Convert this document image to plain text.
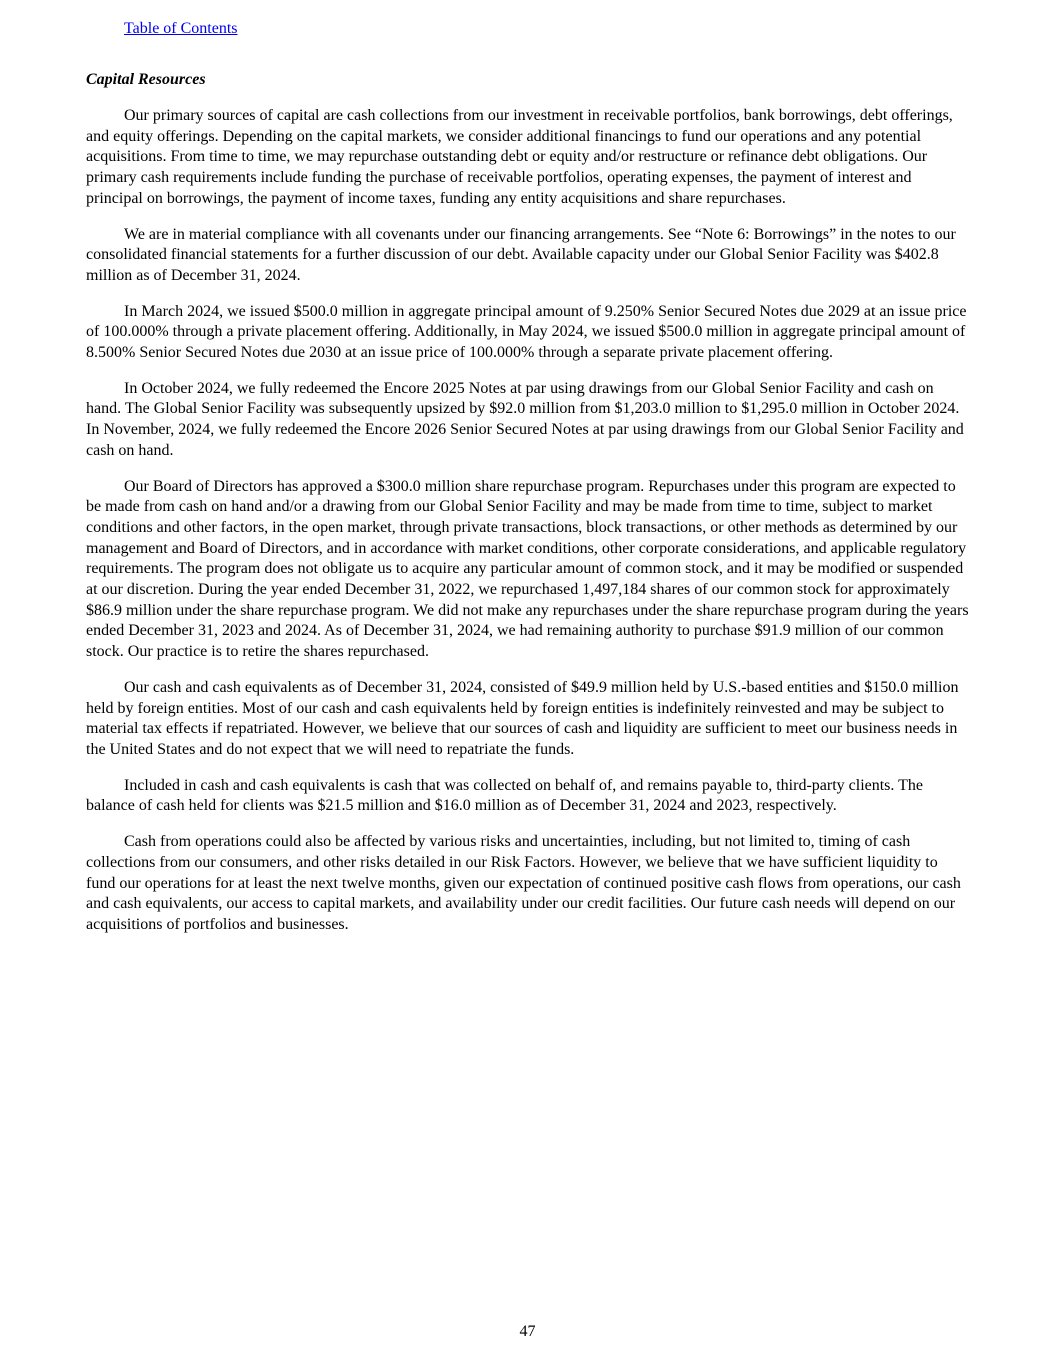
Table of Contents
Capital Resources

Our primary sources of capital are cash collections from our investment in receivable portfolios, bank borrowings, debt offerings, and equity offerings. Depending on the capital markets, we consider additional financings to fund our operations and any potential acquisitions. From time to time, we may repurchase outstanding debt or equity and/or restructure or refinance debt obligations. Our primary cash requirements include funding the purchase of receivable portfolios, operating expenses, the payment of interest and principal on borrowings, the payment of income taxes, funding any entity acquisitions and share repurchases.

We are in material compliance with all covenants under our financing arrangements. See “Note 6: Borrowings” in the notes to our consolidated financial statements for a further discussion of our debt. Available capacity under our Global Senior Facility was $402.8 million as of December 31, 2024.

In March 2024, we issued $500.0 million in aggregate principal amount of 9.250% Senior Secured Notes due 2029 at an issue price of 100.000% through a private placement offering. Additionally, in May 2024, we issued $500.0 million in aggregate principal amount of 8.500% Senior Secured Notes due 2030 at an issue price of 100.000% through a separate private placement offering.

In October 2024, we fully redeemed the Encore 2025 Notes at par using drawings from our Global Senior Facility and cash on hand. The Global Senior Facility was subsequently upsized by $92.0 million from $1,203.0 million to $1,295.0 million in October 2024. In November, 2024, we fully redeemed the Encore 2026 Senior Secured Notes at par using drawings from our Global Senior Facility and cash on hand.

Our Board of Directors has approved a $300.0 million share repurchase program. Repurchases under this program are expected to be made from cash on hand and/or a drawing from our Global Senior Facility and may be made from time to time, subject to market conditions and other factors, in the open market, through private transactions, block transactions, or other methods as determined by our management and Board of Directors, and in accordance with market conditions, other corporate considerations, and applicable regulatory requirements. The program does not obligate us to acquire any particular amount of common stock, and it may be modified or suspended at our discretion. During the year ended December 31, 2022, we repurchased 1,497,184 shares of our common stock for approximately $86.9 million under the share repurchase program. We did not make any repurchases under the share repurchase program during the years ended December 31, 2023 and 2024. As of December 31, 2024, we had remaining authority to purchase $91.9 million of our common stock. Our practice is to retire the shares repurchased.

Our cash and cash equivalents as of December 31, 2024, consisted of $49.9 million held by U.S.-based entities and $150.0 million held by foreign entities. Most of our cash and cash equivalents held by foreign entities is indefinitely reinvested and may be subject to material tax effects if repatriated. However, we believe that our sources of cash and liquidity are sufficient to meet our business needs in the United States and do not expect that we will need to repatriate the funds.

Included in cash and cash equivalents is cash that was collected on behalf of, and remains payable to, third-party clients. The balance of cash held for clients was $21.5 million and $16.0 million as of December 31, 2024 and 2023, respectively.

Cash from operations could also be affected by various risks and uncertainties, including, but not limited to, timing of cash collections from our consumers, and other risks detailed in our Risk Factors. However, we believe that we have sufficient liquidity to fund our operations for at least the next twelve months, given our expectation of continued positive cash flows from operations, our cash and cash equivalents, our access to capital markets, and availability under our credit facilities. Our future cash needs will depend on our acquisitions of portfolios and businesses.

47
